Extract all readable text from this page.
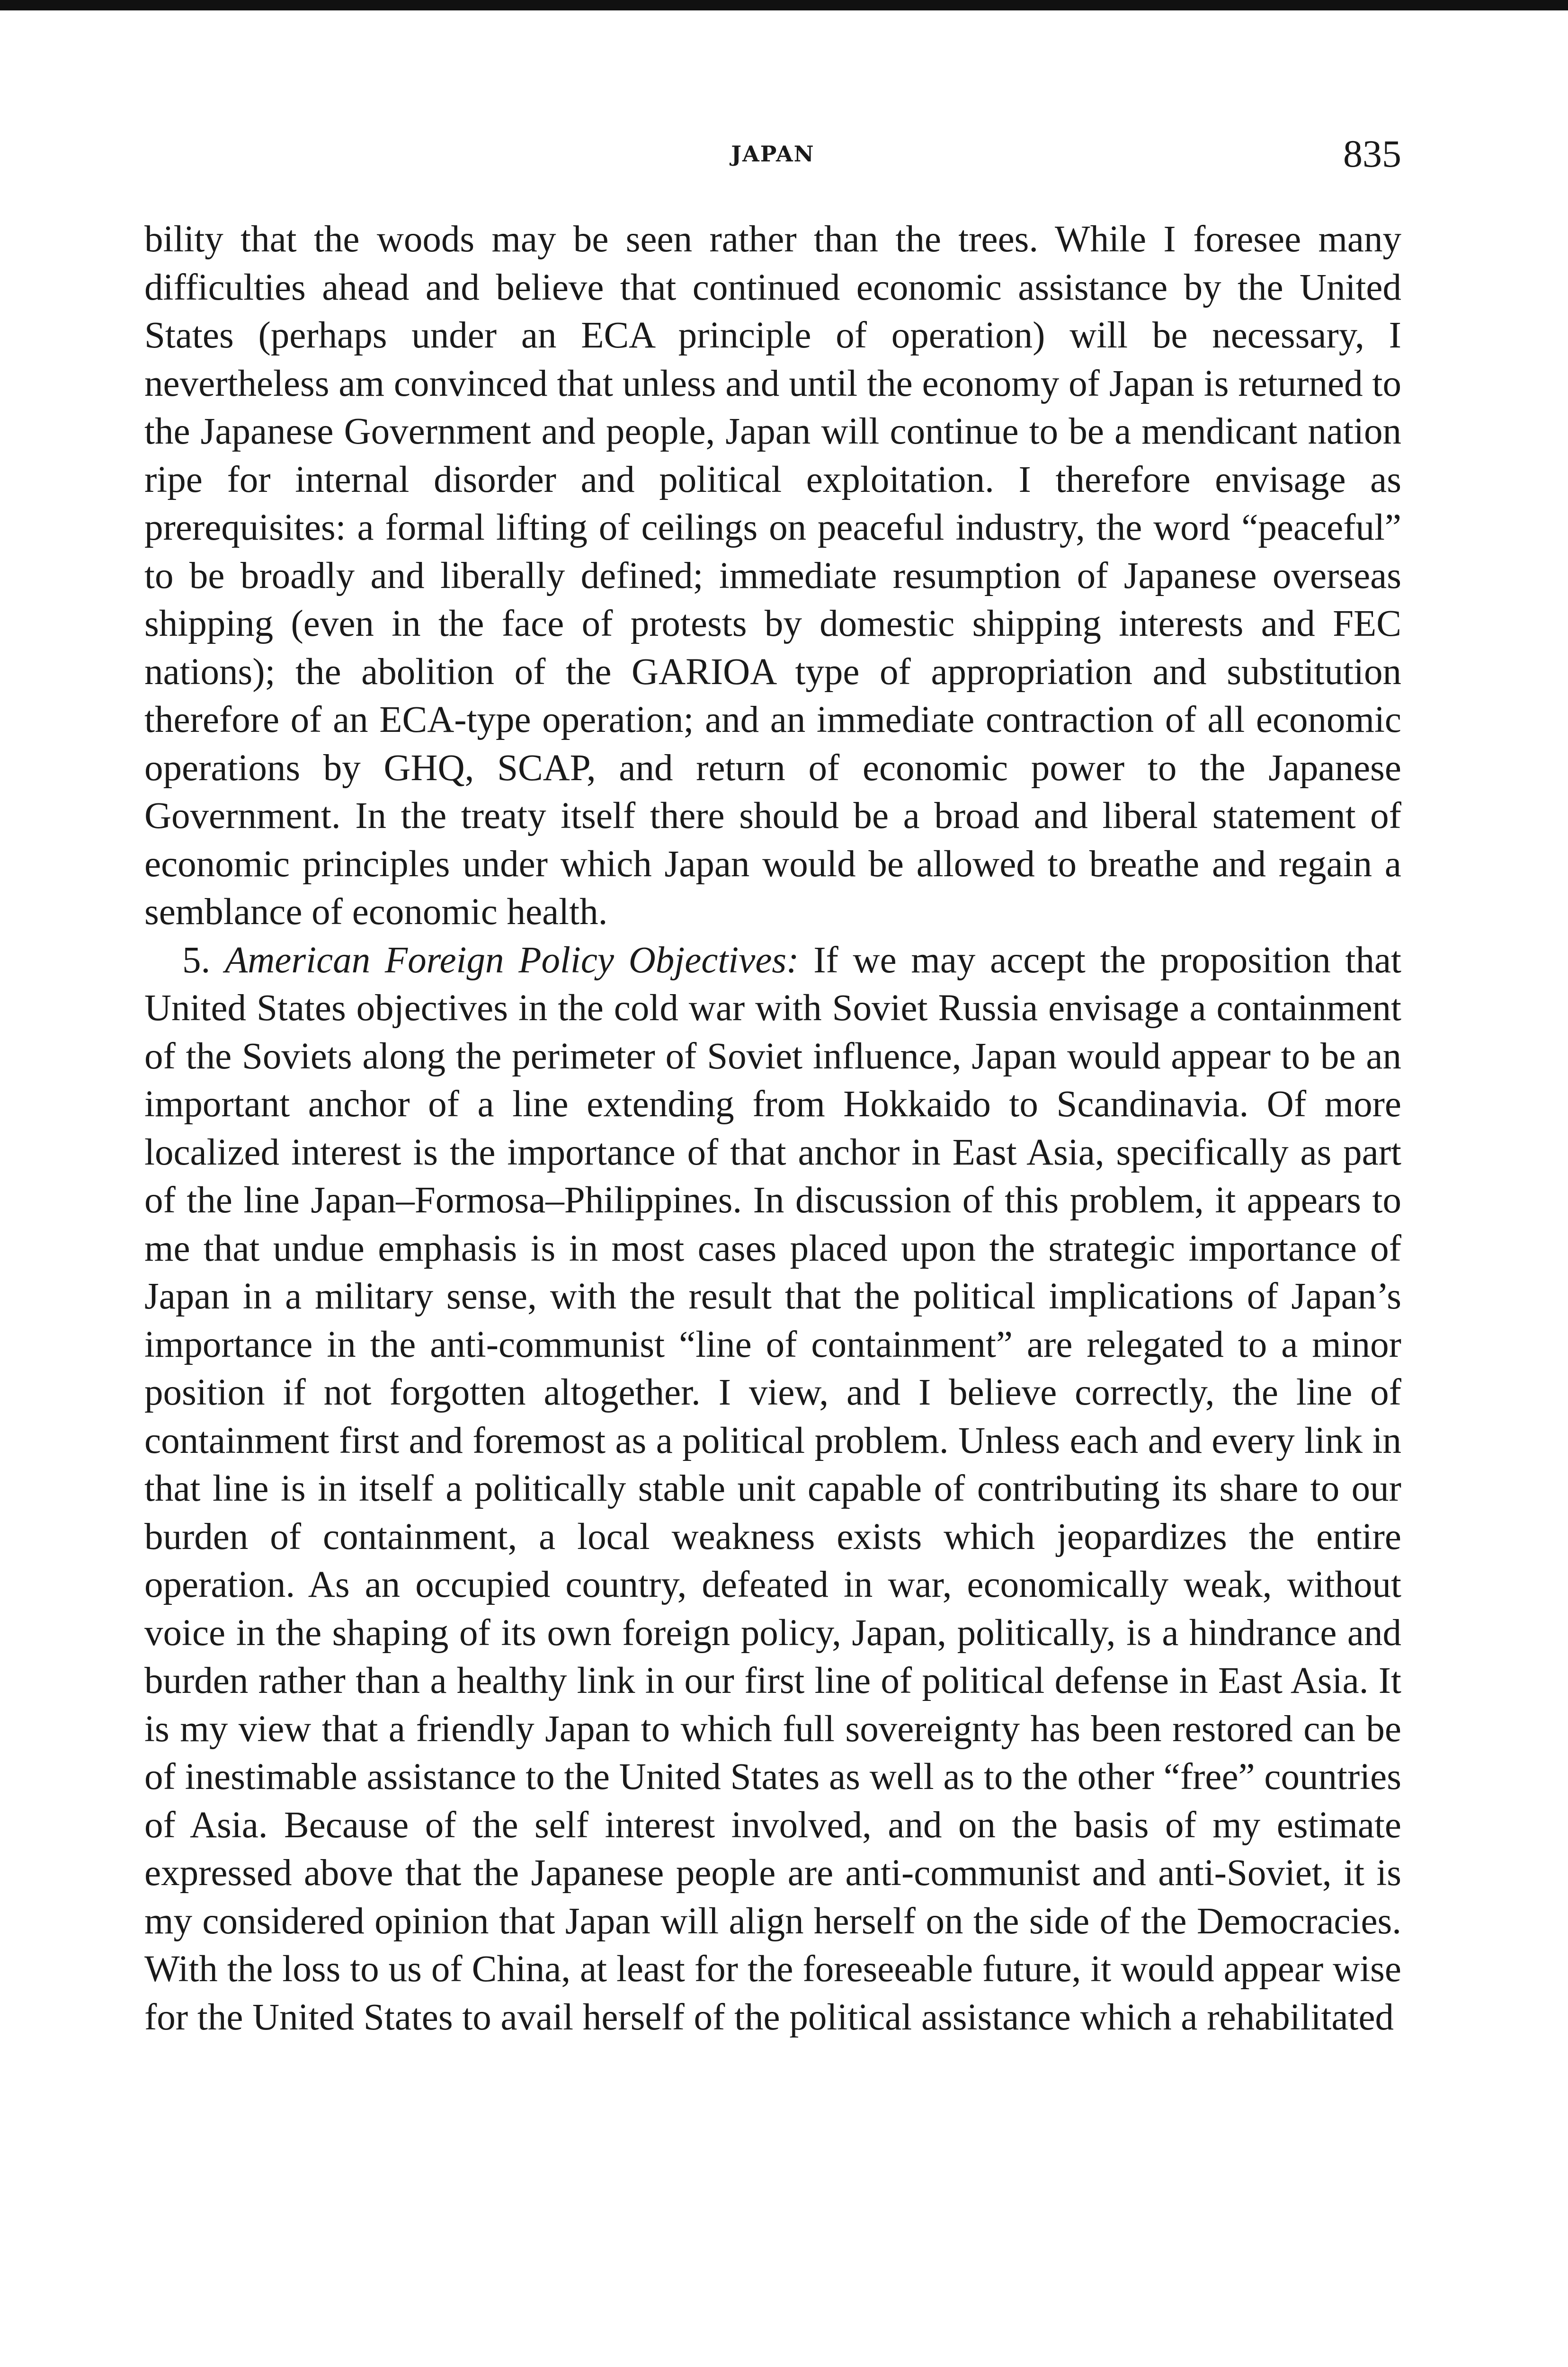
JAPAN	835

bility that the woods may be seen rather than the trees. While I foresee many difficulties ahead and believe that continued economic assistance by the United States (perhaps under an ECA principle of operation) will be necessary, I nevertheless am convinced that unless and until the economy of Japan is returned to the Japanese Government and people, Japan will continue to be a mendicant nation ripe for internal disorder and political exploitation. I therefore envisage as prerequisites: a formal lifting of ceilings on peaceful industry, the word “peaceful” to be broadly and liberally defined; immediate resumption of Japanese overseas shipping (even in the face of protests by domestic shipping interests and FEC nations); the abolition of the GARIOA type of appropriation and substitution therefore of an ECA-type operation; and an immediate contraction of all economic operations by GHQ, SCAP, and return of economic power to the Japanese Government. In the treaty itself there should be a broad and liberal statement of economic principles under which Japan would be allowed to breathe and regain a semblance of economic health.

5. American Foreign Policy Objectives: If we may accept the proposition that United States objectives in the cold war with Soviet Russia envisage a containment of the Soviets along the perimeter of Soviet influence, Japan would appear to be an important anchor of a line extending from Hokkaido to Scandinavia. Of more localized interest is the importance of that anchor in East Asia, specifically as part of the line Japan–Formosa–Philippines. In discussion of this problem, it appears to me that undue emphasis is in most cases placed upon the strategic importance of Japan in a military sense, with the result that the political implications of Japan’s importance in the anti-communist “line of containment” are relegated to a minor position if not forgotten altogether. I view, and I believe correctly, the line of containment first and foremost as a political problem. Unless each and every link in that line is in itself a politically stable unit capable of contributing its share to our burden of containment, a local weakness exists which jeopardizes the entire operation. As an occupied country, defeated in war, economically weak, without voice in the shaping of its own foreign policy, Japan, politically, is a hindrance and burden rather than a healthy link in our first line of political defense in East Asia. It is my view that a friendly Japan to which full sovereignty has been restored can be of inestimable assistance to the United States as well as to the other “free” countries of Asia. Because of the self interest involved, and on the basis of my estimate expressed above that the Japanese people are anti-communist and anti-Soviet, it is my considered opinion that Japan will align herself on the side of the Democracies. With the loss to us of China, at least for the foreseeable future, it would appear wise for the United States to avail herself of the political assistance which a rehabilitated
